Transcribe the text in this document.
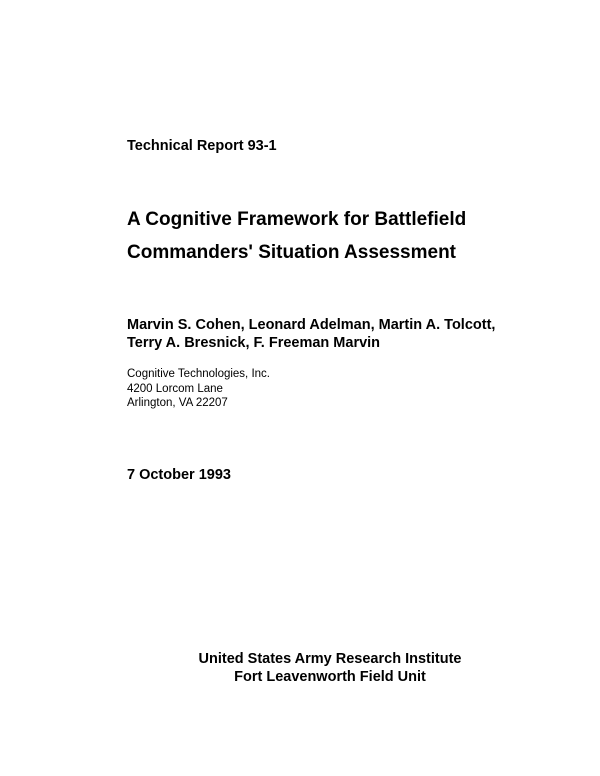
Technical Report 93-1
A Cognitive Framework for Battlefield
Commanders' Situation Assessment
Marvin S. Cohen, Leonard Adelman, Martin A. Tolcott,
Terry A. Bresnick, F. Freeman Marvin
Cognitive Technologies, Inc.
4200 Lorcom Lane
Arlington, VA 22207
7 October 1993
United States Army Research Institute
Fort Leavenworth Field Unit
